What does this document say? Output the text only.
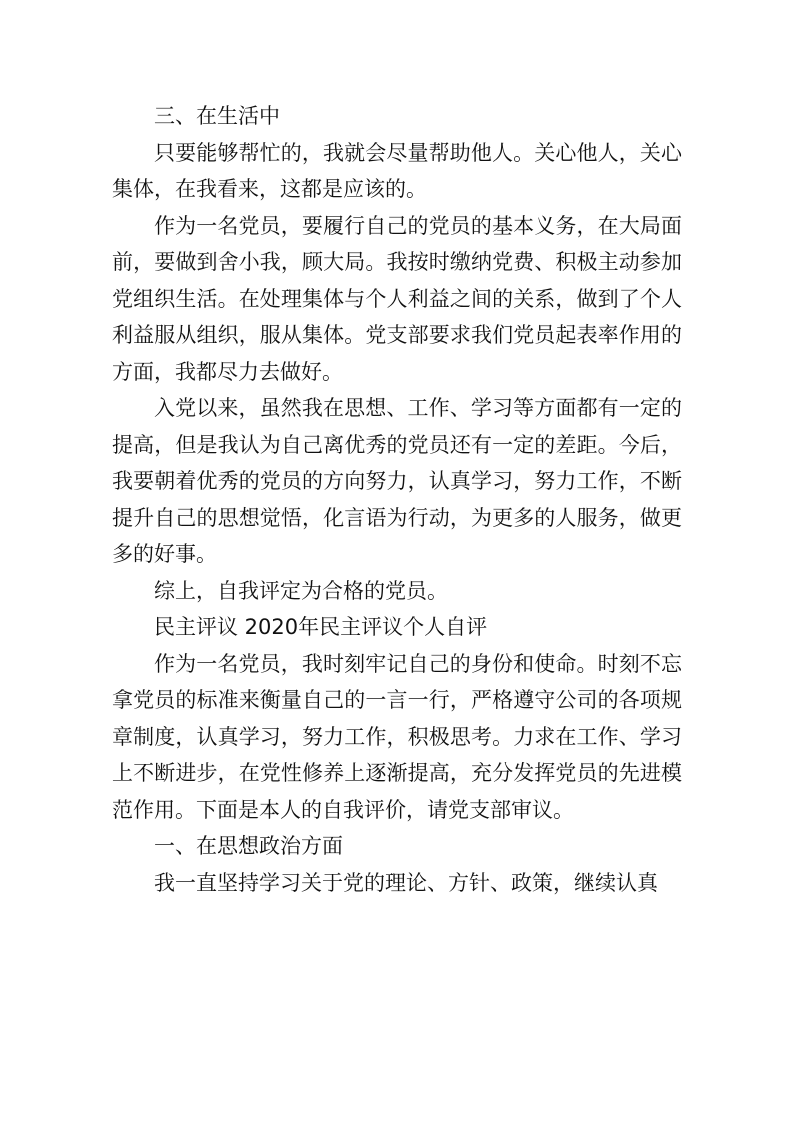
三、在生活中

只要能够帮忙的，我就会尽量帮助他人。关心他人，关心集体，在我看来，这都是应该的。

作为一名党员，要履行自己的党员的基本义务，在大局面前，要做到舍小我，顾大局。我按时缴纳党费、积极主动参加党组织生活。在处理集体与个人利益之间的关系，做到了个人利益服从组织，服从集体。党支部要求我们党员起表率作用的方面，我都尽力去做好。

入党以来，虽然我在思想、工作、学习等方面都有一定的提高，但是我认为自己离优秀的党员还有一定的差距。今后，我要朝着优秀的党员的方向努力，认真学习，努力工作，不断提升自己的思想觉悟，化言语为行动，为更多的人服务，做更多的好事。

综上，自我评定为合格的党员。

民主评议 2020年民主评议个人自评

作为一名党员，我时刻牢记自己的身份和使命。时刻不忘拿党员的标准来衡量自己的一言一行，严格遵守公司的各项规章制度，认真学习，努力工作，积极思考。力求在工作、学习上不断进步，在党性修养上逐渐提高，充分发挥党员的先进模范作用。下面是本人的自我评价，请党支部审议。

一、在思想政治方面

我一直坚持学习关于党的理论、方针、政策，继续认真
